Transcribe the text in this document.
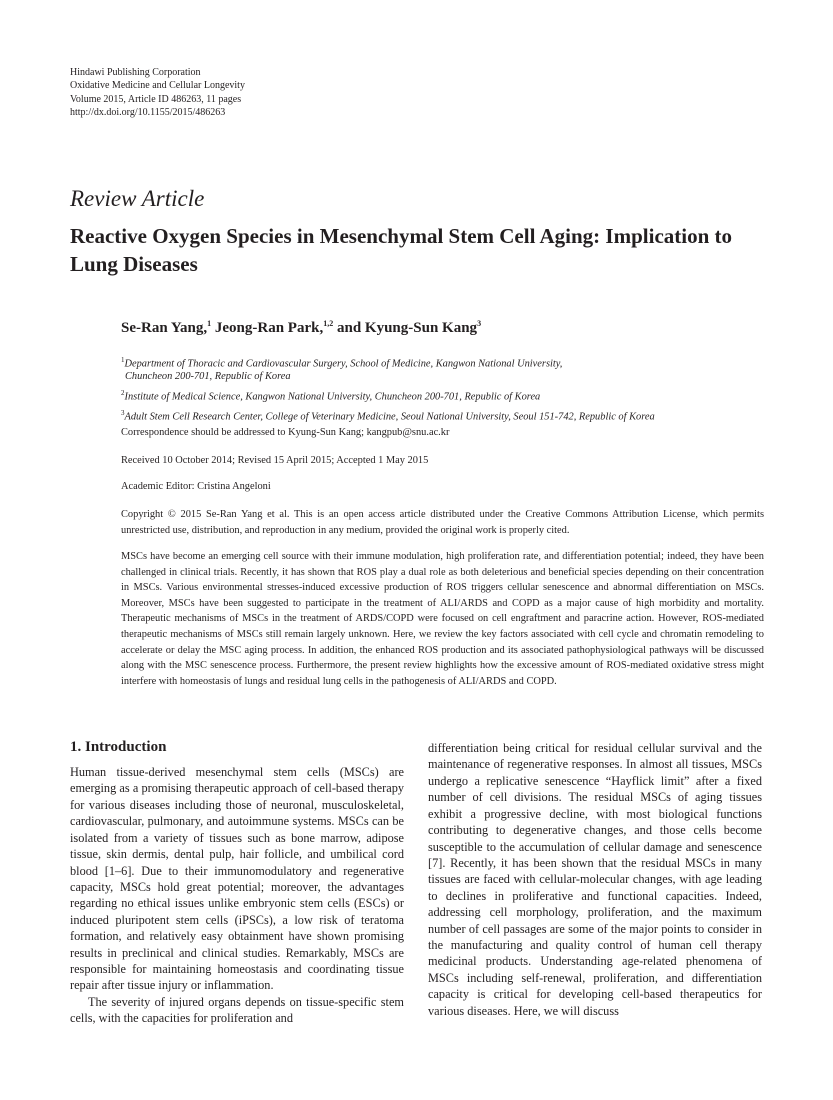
Hindawi Publishing Corporation
Oxidative Medicine and Cellular Longevity
Volume 2015, Article ID 486263, 11 pages
http://dx.doi.org/10.1155/2015/486263
Review Article
Reactive Oxygen Species in Mesenchymal Stem Cell Aging: Implication to Lung Diseases
Se-Ran Yang,$^1$ Jeong-Ran Park,$^{1,2}$ and Kyung-Sun Kang$^3$
$^1$Department of Thoracic and Cardiovascular Surgery, School of Medicine, Kangwon National University,
Chuncheon 200-701, Republic of Korea
$^2$Institute of Medical Science, Kangwon National University, Chuncheon 200-701, Republic of Korea
$^3$Adult Stem Cell Research Center, College of Veterinary Medicine, Seoul National University, Seoul 151-742, Republic of Korea
Correspondence should be addressed to Kyung-Sun Kang; kangpub@snu.ac.kr
Received 10 October 2014; Revised 15 April 2015; Accepted 1 May 2015
Academic Editor: Cristina Angeloni
Copyright © 2015 Se-Ran Yang et al. This is an open access article distributed under the Creative Commons Attribution License, which permits unrestricted use, distribution, and reproduction in any medium, provided the original work is properly cited.
MSCs have become an emerging cell source with their immune modulation, high proliferation rate, and differentiation potential; indeed, they have been challenged in clinical trials. Recently, it has shown that ROS play a dual role as both deleterious and beneficial species depending on their concentration in MSCs. Various environmental stresses-induced excessive production of ROS triggers cellular senescence and abnormal differentiation on MSCs. Moreover, MSCs have been suggested to participate in the treatment of ALI/ARDS and COPD as a major cause of high morbidity and mortality. Therapeutic mechanisms of MSCs in the treatment of ARDS/COPD were focused on cell engraftment and paracrine action. However, ROS-mediated therapeutic mechanisms of MSCs still remain largely unknown. Here, we review the key factors associated with cell cycle and chromatin remodeling to accelerate or delay the MSC aging process. In addition, the enhanced ROS production and its associated pathophysiological pathways will be discussed along with the MSC senescence process. Furthermore, the present review highlights how the excessive amount of ROS-mediated oxidative stress might interfere with homeostasis of lungs and residual lung cells in the pathogenesis of ALI/ARDS and COPD.
1. Introduction

Human tissue-derived mesenchymal stem cells (MSCs) are emerging as a promising therapeutic approach of cell-based therapy for various diseases including those of neuronal, musculoskeletal, cardiovascular, pulmonary, and autoimmune systems. MSCs can be isolated from a variety of tissues such as bone marrow, adipose tissue, skin dermis, dental pulp, hair follicle, and umbilical cord blood [1–6]. Due to their immunomodulatory and regenerative capacity, MSCs hold great potential; moreover, the advantages regarding no ethical issues unlike embryonic stem cells (ESCs) or induced pluripotent stem cells (iPSCs), a low risk of teratoma formation, and relatively easy obtainment have shown promising results in preclinical and clinical studies. Remarkably, MSCs are responsible for maintaining homeostasis and coordinating tissue repair after tissue injury or inflammation.

The severity of injured organs depends on tissue-specific stem cells, with the capacities for proliferation and

differentiation being critical for residual cellular survival and the maintenance of regenerative responses. In almost all tissues, MSCs undergo a replicative senescence “Hayflick limit” after a fixed number of cell divisions. The residual MSCs of aging tissues exhibit a progressive decline, with most biological functions contributing to degenerative changes, and those cells become susceptible to the accumulation of cellular damage and senescence [7]. Recently, it has been shown that the residual MSCs in many tissues are faced with cellular-molecular changes, with age leading to declines in proliferative and functional capacities. Indeed, addressing cell morphology, proliferation, and the maximum number of cell passages are some of the major points to consider in the manufacturing and quality control of human cell therapy medicinal products. Understanding age-related phenomena of MSCs including self-renewal, proliferation, and differentiation capacity is critical for developing cell-based therapeutics for various diseases. Here, we will discuss
